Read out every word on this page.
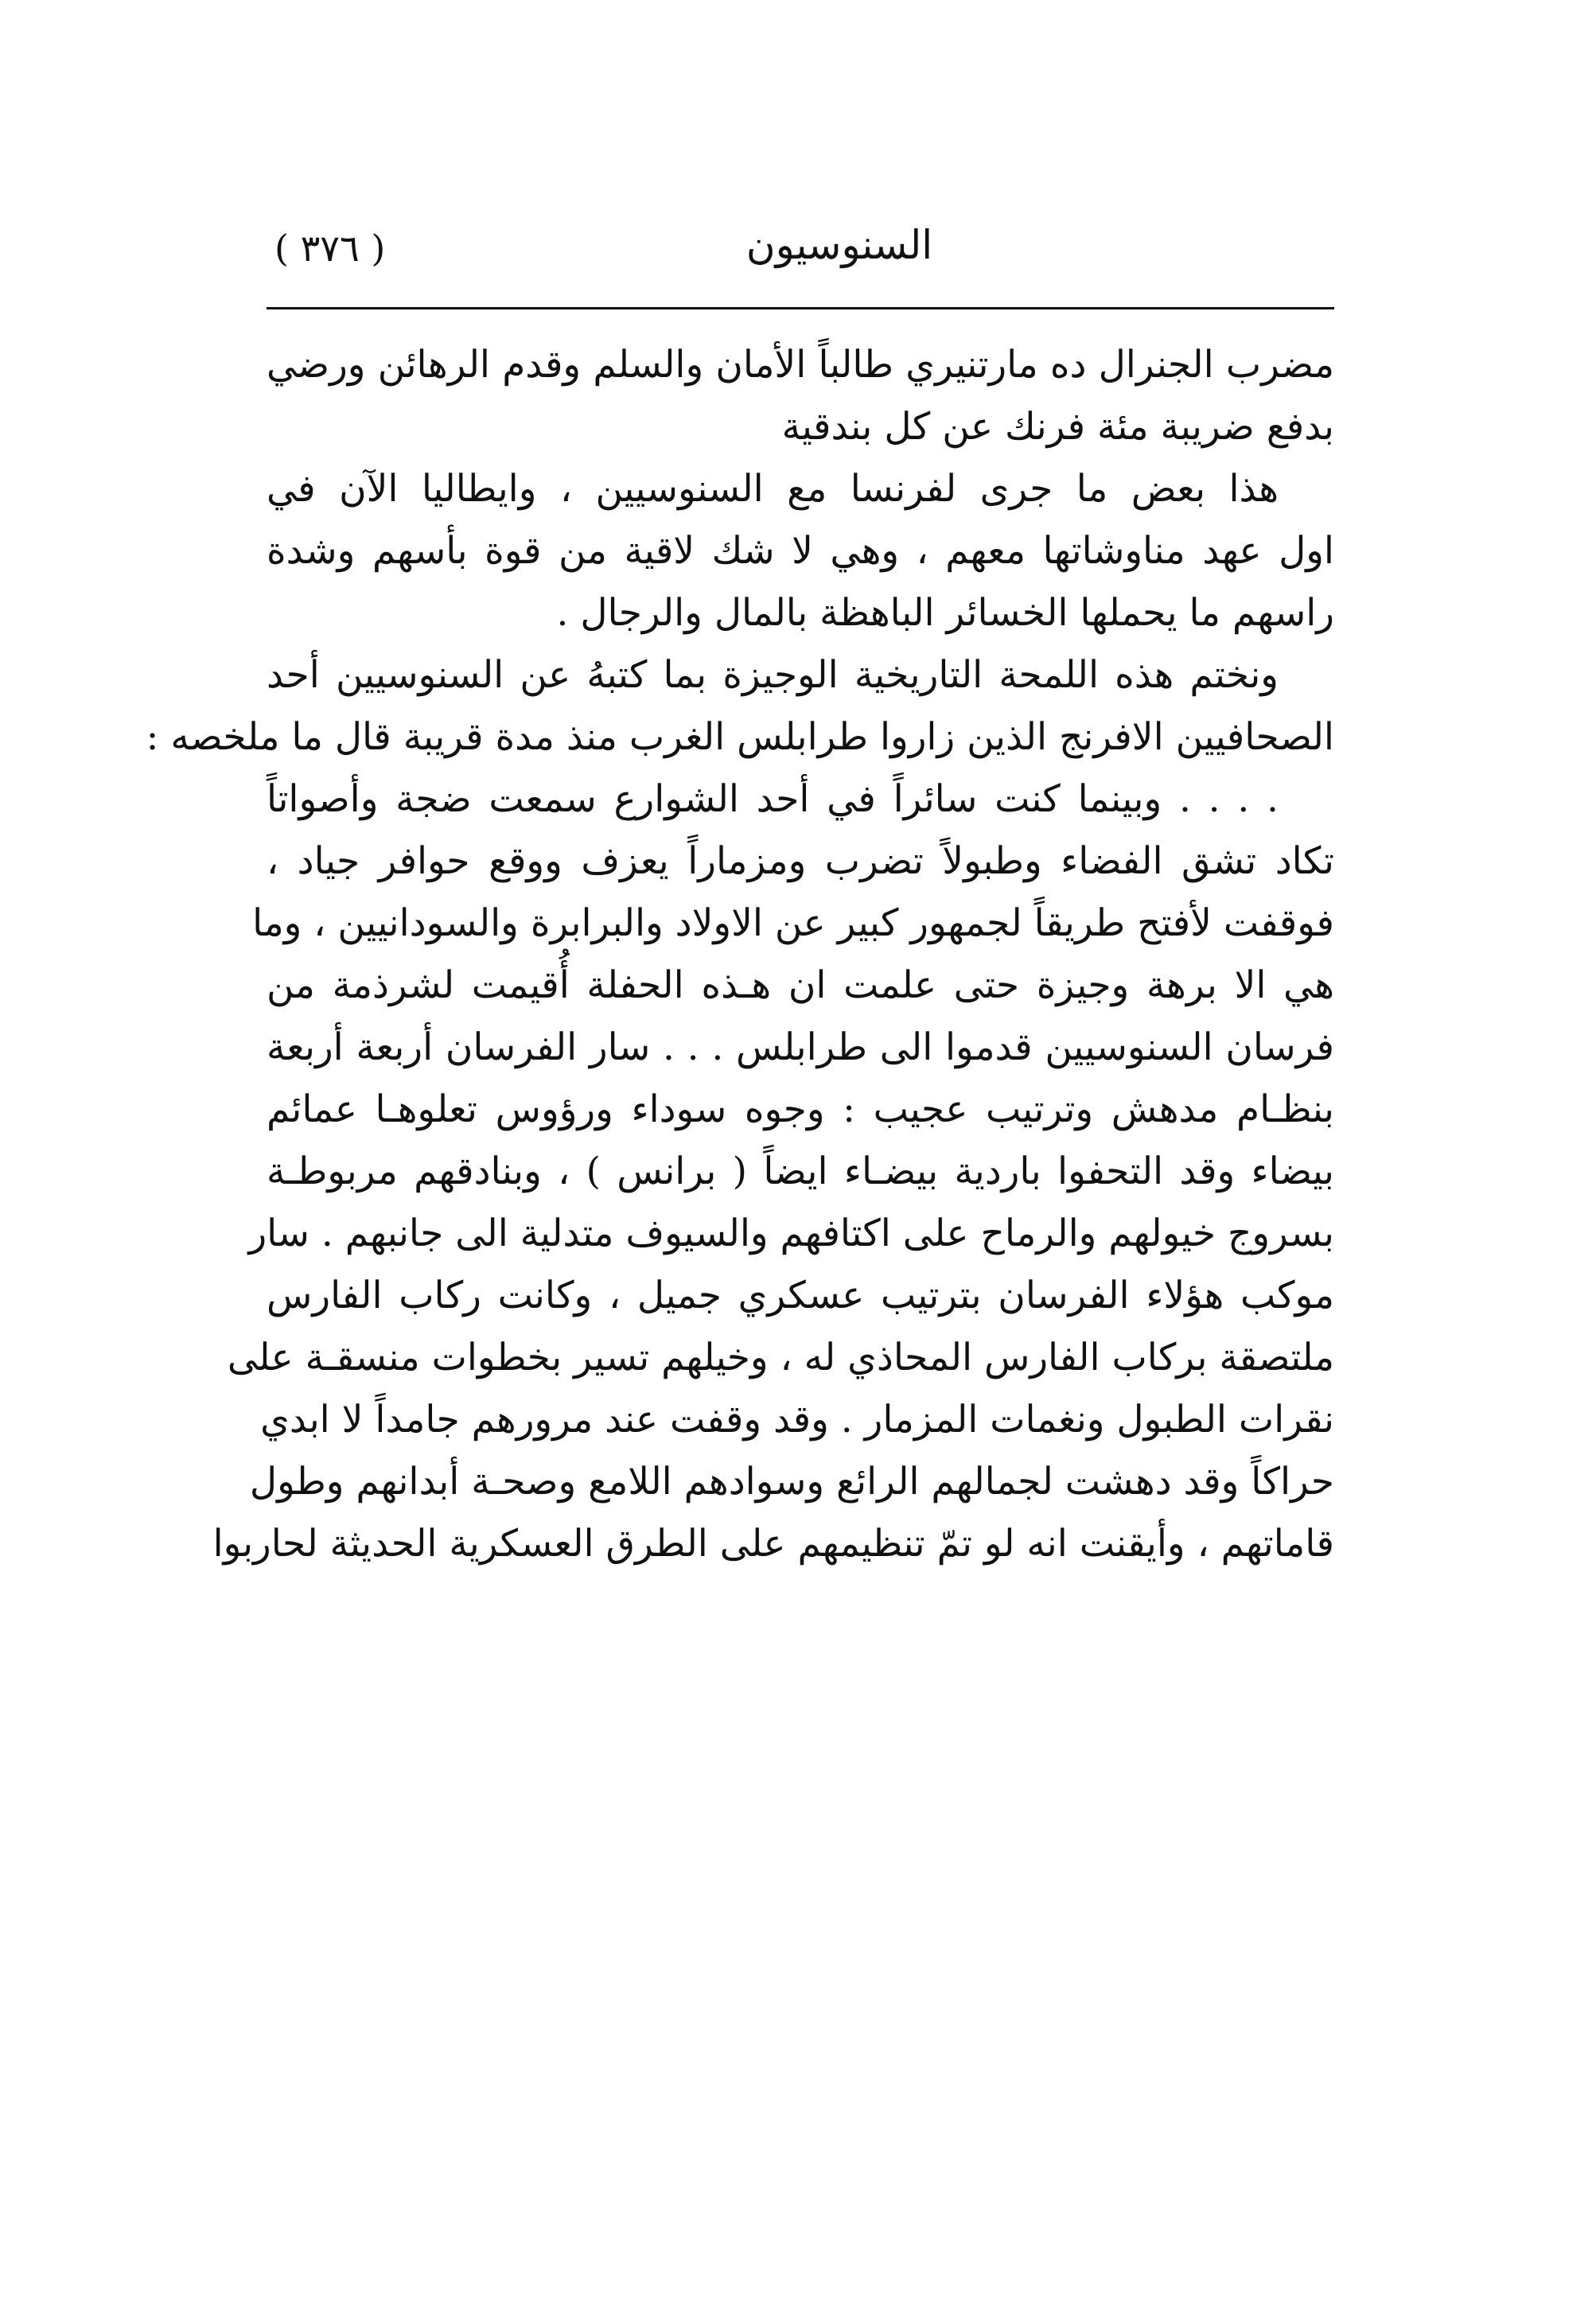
( ٣٧٦ )	السنوسيون
مضرب الجنرال ده مارتنيري طالباً الأمان والسلم وقدم الرهائن ورضي
بدفع ضريبة مئة فرنك عن كل بندقية
هذا بعض ما جرى لفرنسا مع السنوسيين ، وايطاليا الآن في
اول عهد مناوشاتها معهم ، وهي لا شك لاقية من قوة بأسهم وشدة
راسهم ما يحملها الخسائر الباهظة بالمال والرجال .
ونختم هذه اللمحة التاريخية الوجيزة بما كتبهُ عن السنوسيين أحد
الصحافيين الافرنج الذين زاروا طرابلس الغرب منذ مدة قريبة قال ما ملخصه :
. . . . وبينما كنت سائراً في أحد الشوارع سمعت ضجة وأصواتاً
تكاد تشق الفضاء وطبولاً تضرب ومزماراً يعزف ووقع حوافر جياد ،
فوقفت لأفتح طريقاً لجمهور كبير عن الاولاد والبرابرة والسودانيين ، وما
هي الا برهة وجيزة حتى علمت ان هـذه الحفلة أُقيمت لشرذمة من
فرسان السنوسيين قدموا الى طرابلس . . . سار الفرسان أربعة أربعة
بنظـام مدهش وترتيب عجيب : وجوه سوداء ورؤوس تعلوهـا عمائم
بيضاء وقد التحفوا باردية بيضـاء ايضاً ( برانس ) ، وبنادقهم مربوطـة
بسروج خيولهم والرماح على اكتافهم والسيوف متدلية الى جانبهم . سار
موكب هؤلاء الفرسان بترتيب عسكري جميل ، وكانت ركاب الفارس
ملتصقة بركاب الفارس المحاذي له ، وخيلهم تسير بخطوات منسقـة على
نقرات الطبول ونغمات المزمار . وقد وقفت عند مرورهم جامداً لا ابدي
حراكاً وقد دهشت لجمالهم الرائع وسوادهم اللامع وصحـة أبدانهم وطول
قاماتهم ، وأيقنت انه لو تمّ تنظيمهم على الطرق العسكرية الحديثة لحاربوا
